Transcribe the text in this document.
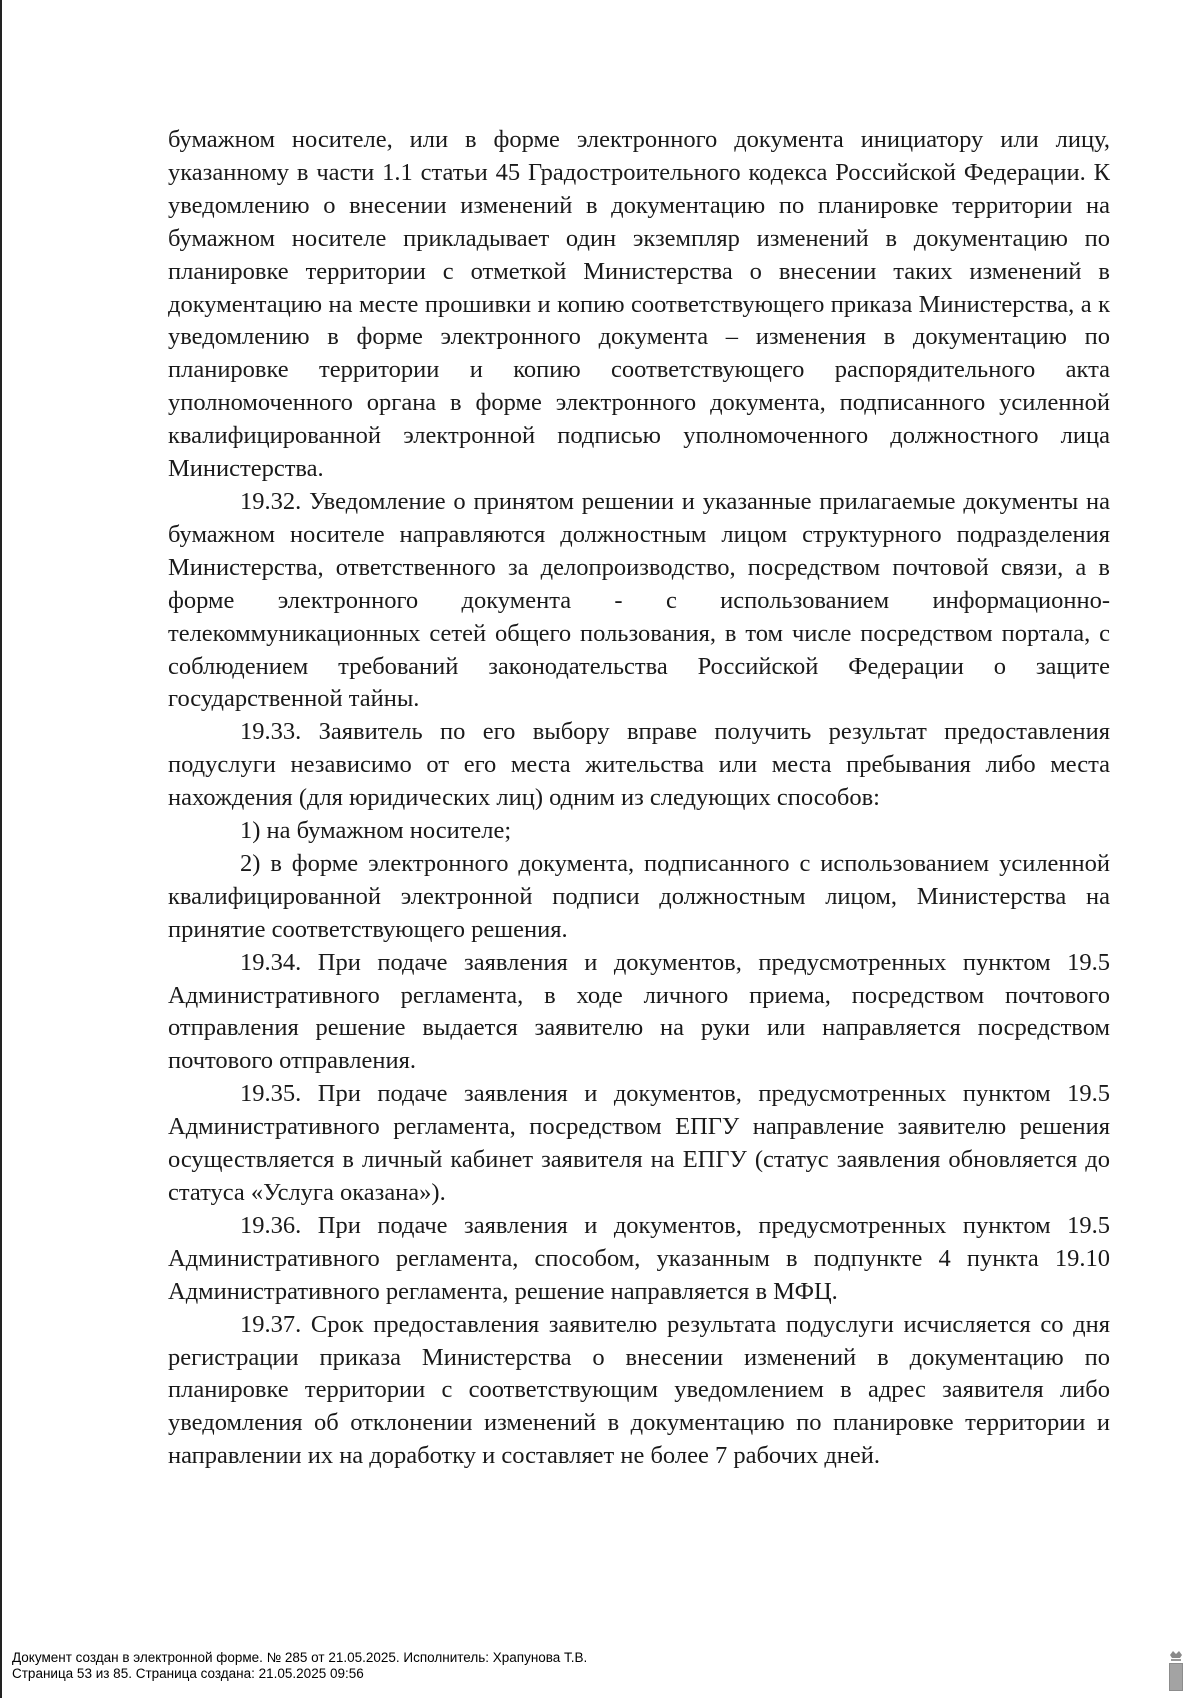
бумажном носителе, или в форме электронного документа инициатору или лицу, указанному в части 1.1 статьи 45 Градостроительного кодекса Российской Федерации. К уведомлению о внесении изменений в документацию по планировке территории на бумажном носителе прикладывает один экземпляр изменений в документацию по планировке территории с отметкой Министерства о внесении таких изменений в документацию на месте прошивки и копию соответствующего приказа Министерства, а к уведомлению в форме электронного документа – изменения в документацию по планировке территории и копию соответствующего распорядительного акта уполномоченного органа в форме электронного документа, подписанного усиленной квалифицированной электронной подписью уполномоченного должностного лица Министерства.

19.32. Уведомление о принятом решении и указанные прилагаемые документы на бумажном носителе направляются должностным лицом структурного подразделения Министерства, ответственного за делопроизводство, посредством почтовой связи, а в форме электронного документа - с использованием информационно-телекоммуникационных сетей общего пользования, в том числе посредством портала, с соблюдением требований законодательства Российской Федерации о защите государственной тайны.

19.33. Заявитель по его выбору вправе получить результат предоставления подуслуги независимо от его места жительства или места пребывания либо места нахождения (для юридических лиц) одним из следующих способов:

1) на бумажном носителе;

2) в форме электронного документа, подписанного с использованием усиленной квалифицированной электронной подписи должностным лицом, Министерства на принятие соответствующего решения.

19.34. При подаче заявления и документов, предусмотренных пунктом 19.5 Административного регламента, в ходе личного приема, посредством почтового отправления решение выдается заявителю на руки или направляется посредством почтового отправления.

19.35. При подаче заявления и документов, предусмотренных пунктом 19.5 Административного регламента, посредством ЕПГУ направление заявителю решения осуществляется в личный кабинет заявителя на ЕПГУ (статус заявления обновляется до статуса «Услуга оказана»).

19.36. При подаче заявления и документов, предусмотренных пунктом 19.5 Административного регламента, способом, указанным в подпункте 4 пункта 19.10 Административного регламента, решение направляется в МФЦ.

19.37. Срок предоставления заявителю результата подуслуги исчисляется со дня регистрации приказа Министерства о внесении изменений в документацию по планировке территории с соответствующим уведомлением в адрес заявителя либо уведомления об отклонении изменений в документацию по планировке территории и направлении их на доработку и составляет не более 7 рабочих дней.

Документ создан в электронной форме. № 285 от 21.05.2025. Исполнитель: Храпунова Т.В.
Страница 53 из 85. Страница создана: 21.05.2025 09:56
